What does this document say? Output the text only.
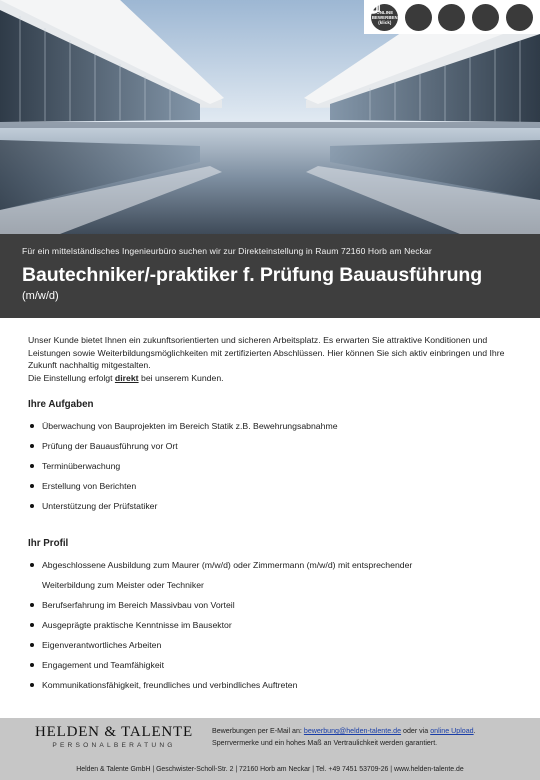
ONLINE
BEWERBEN
(klick)
Für ein mittelständisches Ingenieurbüro suchen wir zur Direkteinstellung in Raum 72160 Horb am Neckar
Bautechniker/-praktiker f. Prüfung Bauausführung
(m/w/d)

Unser Kunde bietet Ihnen ein zukunftsorientierten und sicheren Arbeitsplatz. Es erwarten Sie attraktive Konditionen und Leistungen sowie Weiterbildungsmöglichkeiten mit zertifizierten Abschlüssen. Hier können Sie sich aktiv einbringen und Ihre Zukunft nachhaltig mitgestalten.

Die Einstellung erfolgt direkt bei unserem Kunden.

Ihre Aufgaben
Überwachung von Bauprojekten im Bereich Statik z.B. Bewehrungsabnahme
Prüfung der Bauausführung vor Ort
Terminüberwachung
Erstellung von Berichten
Unterstützung der Prüfstatiker
Ihr Profil
Abgeschlossene Ausbildung zum Maurer (m/w/d) oder Zimmermann (m/w/d) mit entsprechender
Weiterbildung zum Meister oder Techniker
Berufserfahrung im Bereich Massivbau von Vorteil
Ausgeprägte praktische Kenntnisse im Bausektor
Eigenverantwortliches Arbeiten
Engagement und Teamfähigkeit
Kommunikationsfähigkeit, freundliches und verbindliches Auftreten
HELDEN & TALENTE
PERSONALBERATUNG
Bewerbungen per E-Mail an: bewerbung@helden-talente.de oder via online Upload.
Sperrvermerke und ein hohes Maß an Vertraulichkeit werden garantiert.
Helden & Talente GmbH | Geschwister-Scholl-Str. 2 | 72160 Horb am Neckar | Tel. +49 7451 53709-26 | www.helden-talente.de
